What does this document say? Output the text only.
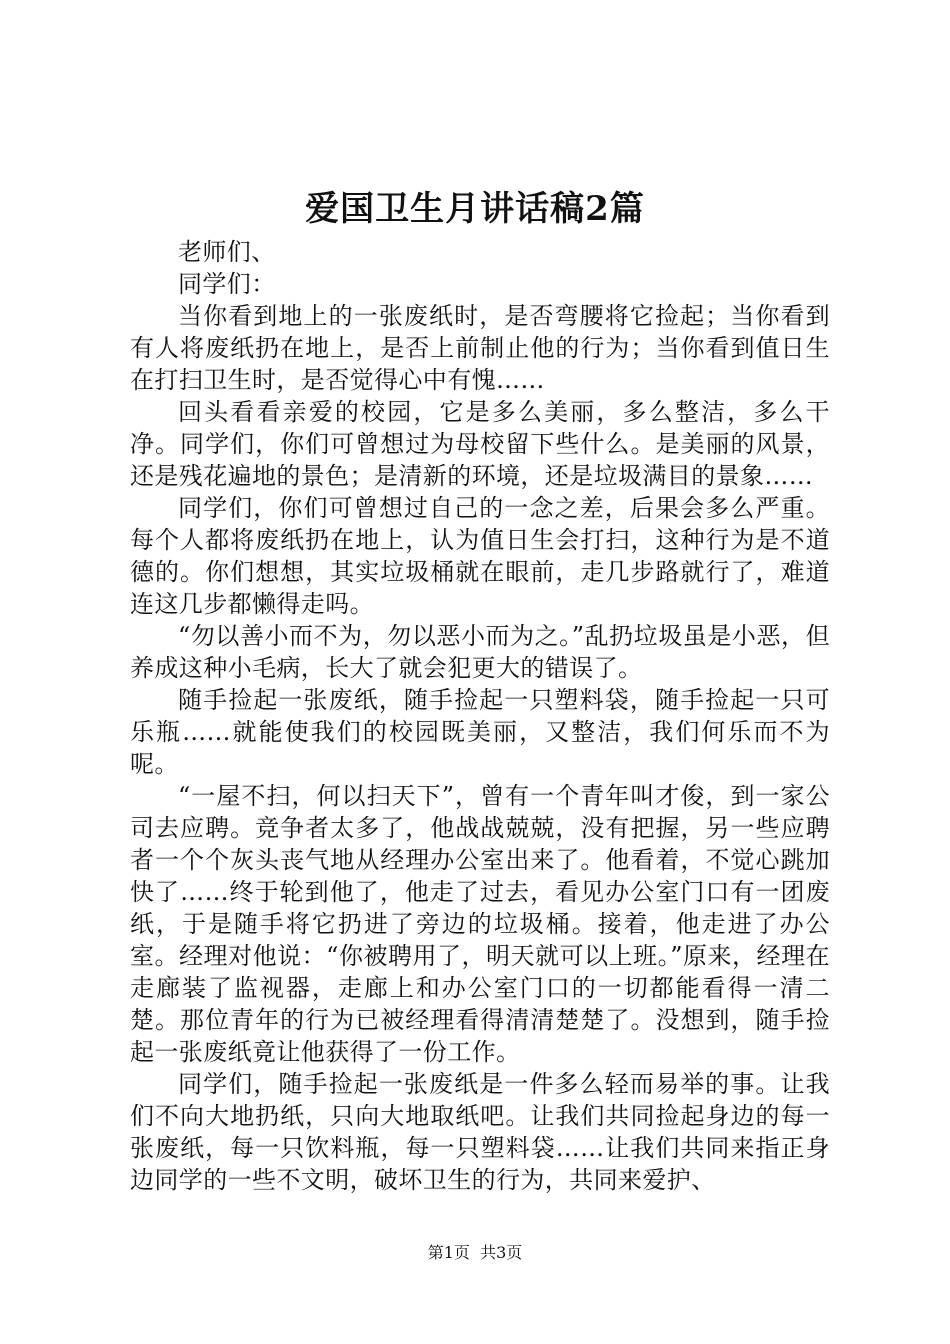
爱国卫生月讲话稿2篇

老师们、

同学们：

当你看到地上的一张废纸时，是否弯腰将它捡起；当你看到有人将废纸扔在地上，是否上前制止他的行为；当你看到值日生在打扫卫生时，是否觉得心中有愧……

回头看看亲爱的校园，它是多么美丽，多么整洁，多么干净。同学们，你们可曾想过为母校留下些什么。是美丽的风景，还是残花遍地的景色；是清新的环境，还是垃圾满目的景象……

同学们，你们可曾想过自己的一念之差，后果会多么严重。每个人都将废纸扔在地上，认为值日生会打扫，这种行为是不道德的。你们想想，其实垃圾桶就在眼前，走几步路就行了，难道连这几步都懒得走吗。

“勿以善小而不为，勿以恶小而为之。”乱扔垃圾虽是小恶，但养成这种小毛病，长大了就会犯更大的错误了。

随手捡起一张废纸，随手捡起一只塑料袋，随手捡起一只可乐瓶……就能使我们的校园既美丽，又整洁，我们何乐而不为呢。

“一屋不扫，何以扫天下”，曾有一个青年叫才俊，到一家公司去应聘。竞争者太多了，他战战兢兢，没有把握，另一些应聘者一个个灰头丧气地从经理办公室出来了。他看着，不觉心跳加快了……终于轮到他了，他走了过去，看见办公室门口有一团废纸，于是随手将它扔进了旁边的垃圾桶。接着，他走进了办公室。经理对他说：“你被聘用了，明天就可以上班。”原来，经理在走廊装了监视器，走廊上和办公室门口的一切都能看得一清二楚。那位青年的行为已被经理看得清清楚楚了。没想到，随手捡起一张废纸竟让他获得了一份工作。

同学们，随手捡起一张废纸是一件多么轻而易举的事。让我们不向大地扔纸，只向大地取纸吧。让我们共同捡起身边的每一张废纸，每一只饮料瓶，每一只塑料袋……让我们共同来指正身边同学的一些不文明，破坏卫生的行为，共同来爱护、

第1页  共3页
